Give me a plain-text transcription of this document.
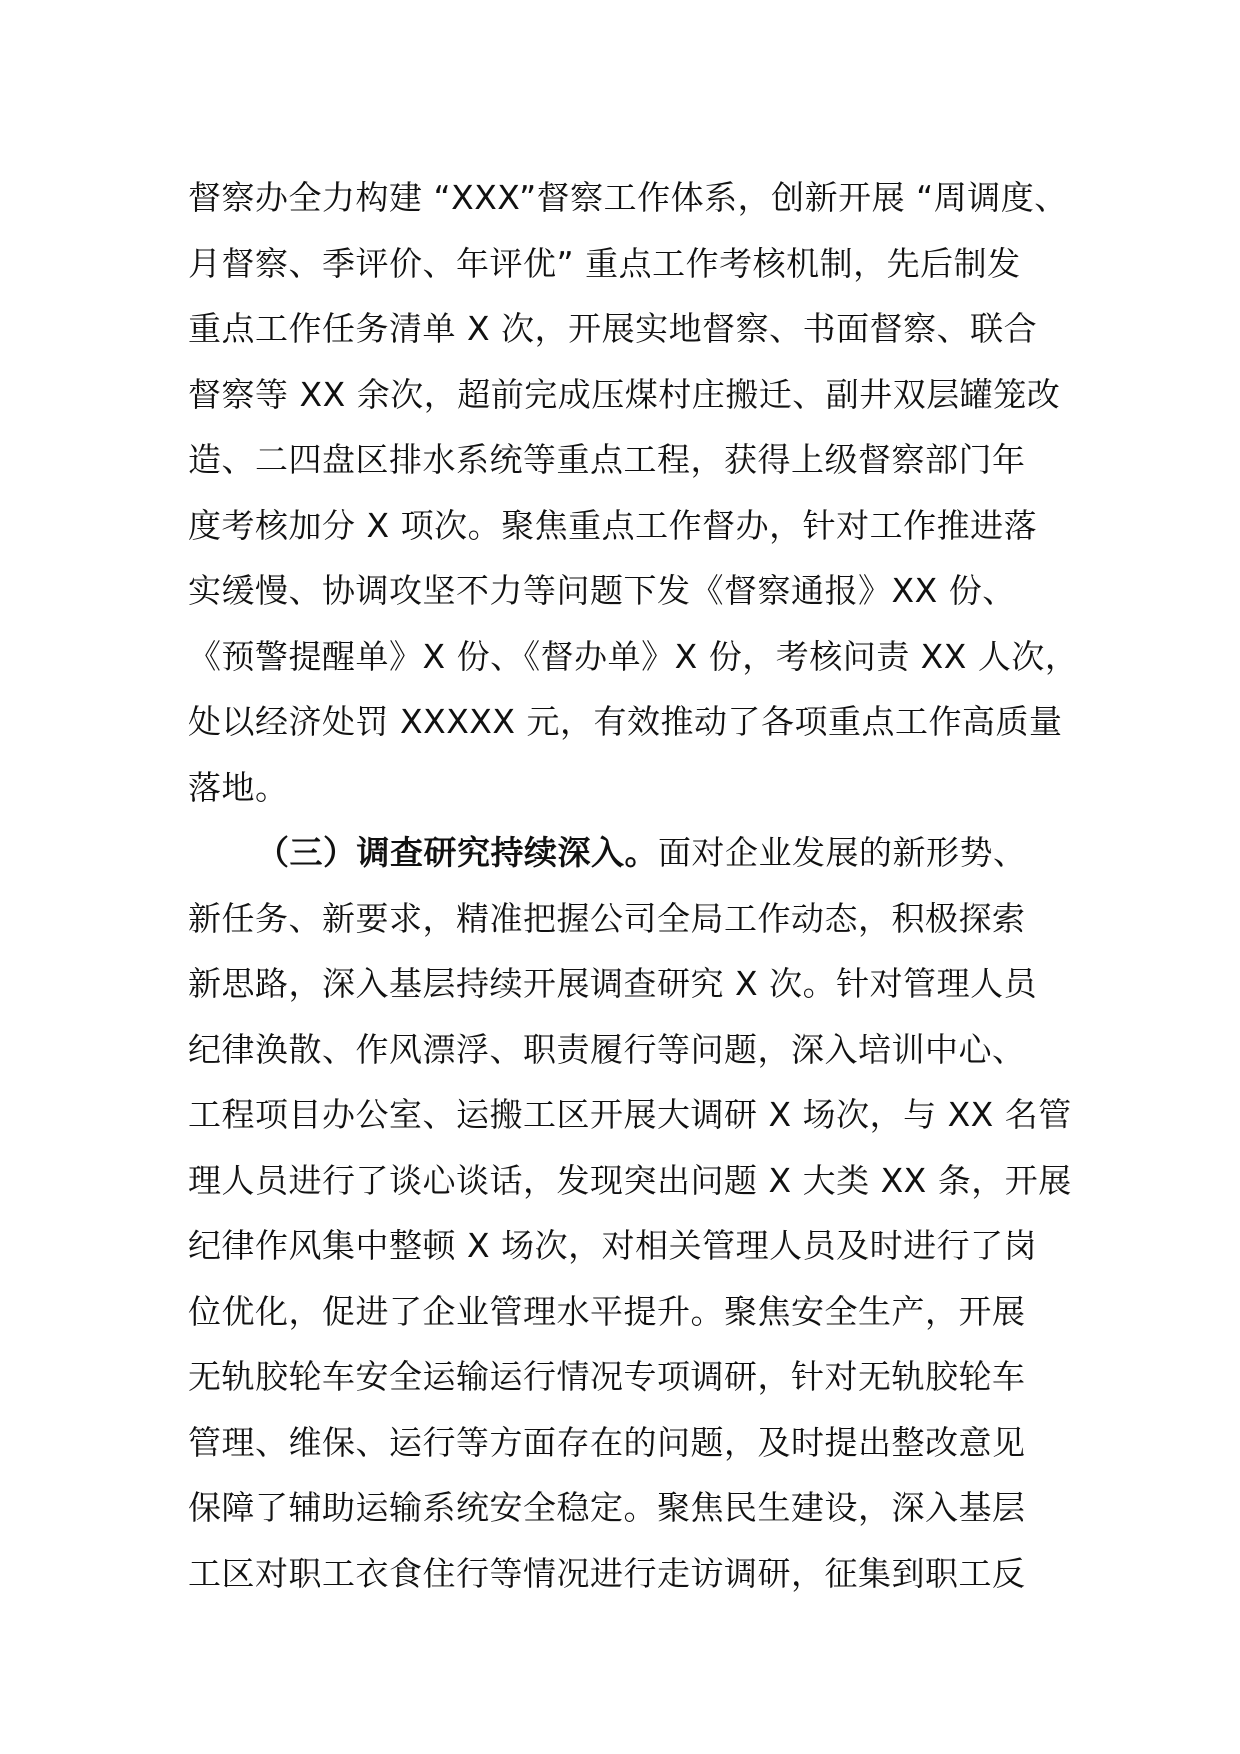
督察办全力构建 “XXX”督察工作体系，创新开展 “周调度、
月督察、季评价、年评优” 重点工作考核机制，先后制发
重点工作任务清单 X 次，开展实地督察、书面督察、联合
督察等 XX 余次，超前完成压煤村庄搬迁、副井双层罐笼改
造、二四盘区排水系统等重点工程，获得上级督察部门年
度考核加分 X 项次。聚焦重点工作督办，针对工作推进落
实缓慢、协调攻坚不力等问题下发《督察通报》XX 份、
《预警提醒单》X 份、《督办单》X 份，考核问责 XX 人次，
处以经济处罚 XXXXX 元，有效推动了各项重点工作高质量
落地。
（三）调查研究持续深入。面对企业发展的新形势、
新任务、新要求，精准把握公司全局工作动态，积极探索
新思路，深入基层持续开展调查研究 X 次。针对管理人员
纪律涣散、作风漂浮、职责履行等问题，深入培训中心、
工程项目办公室、运搬工区开展大调研 X 场次，与 XX 名管
理人员进行了谈心谈话，发现突出问题 X 大类 XX 条，开展
纪律作风集中整顿 X 场次，对相关管理人员及时进行了岗
位优化，促进了企业管理水平提升。聚焦安全生产，开展
无轨胶轮车安全运输运行情况专项调研，针对无轨胶轮车
管理、维保、运行等方面存在的问题，及时提出整改意见
保障了辅助运输系统安全稳定。聚焦民生建设，深入基层
工区对职工衣食住行等情况进行走访调研，征集到职工反
